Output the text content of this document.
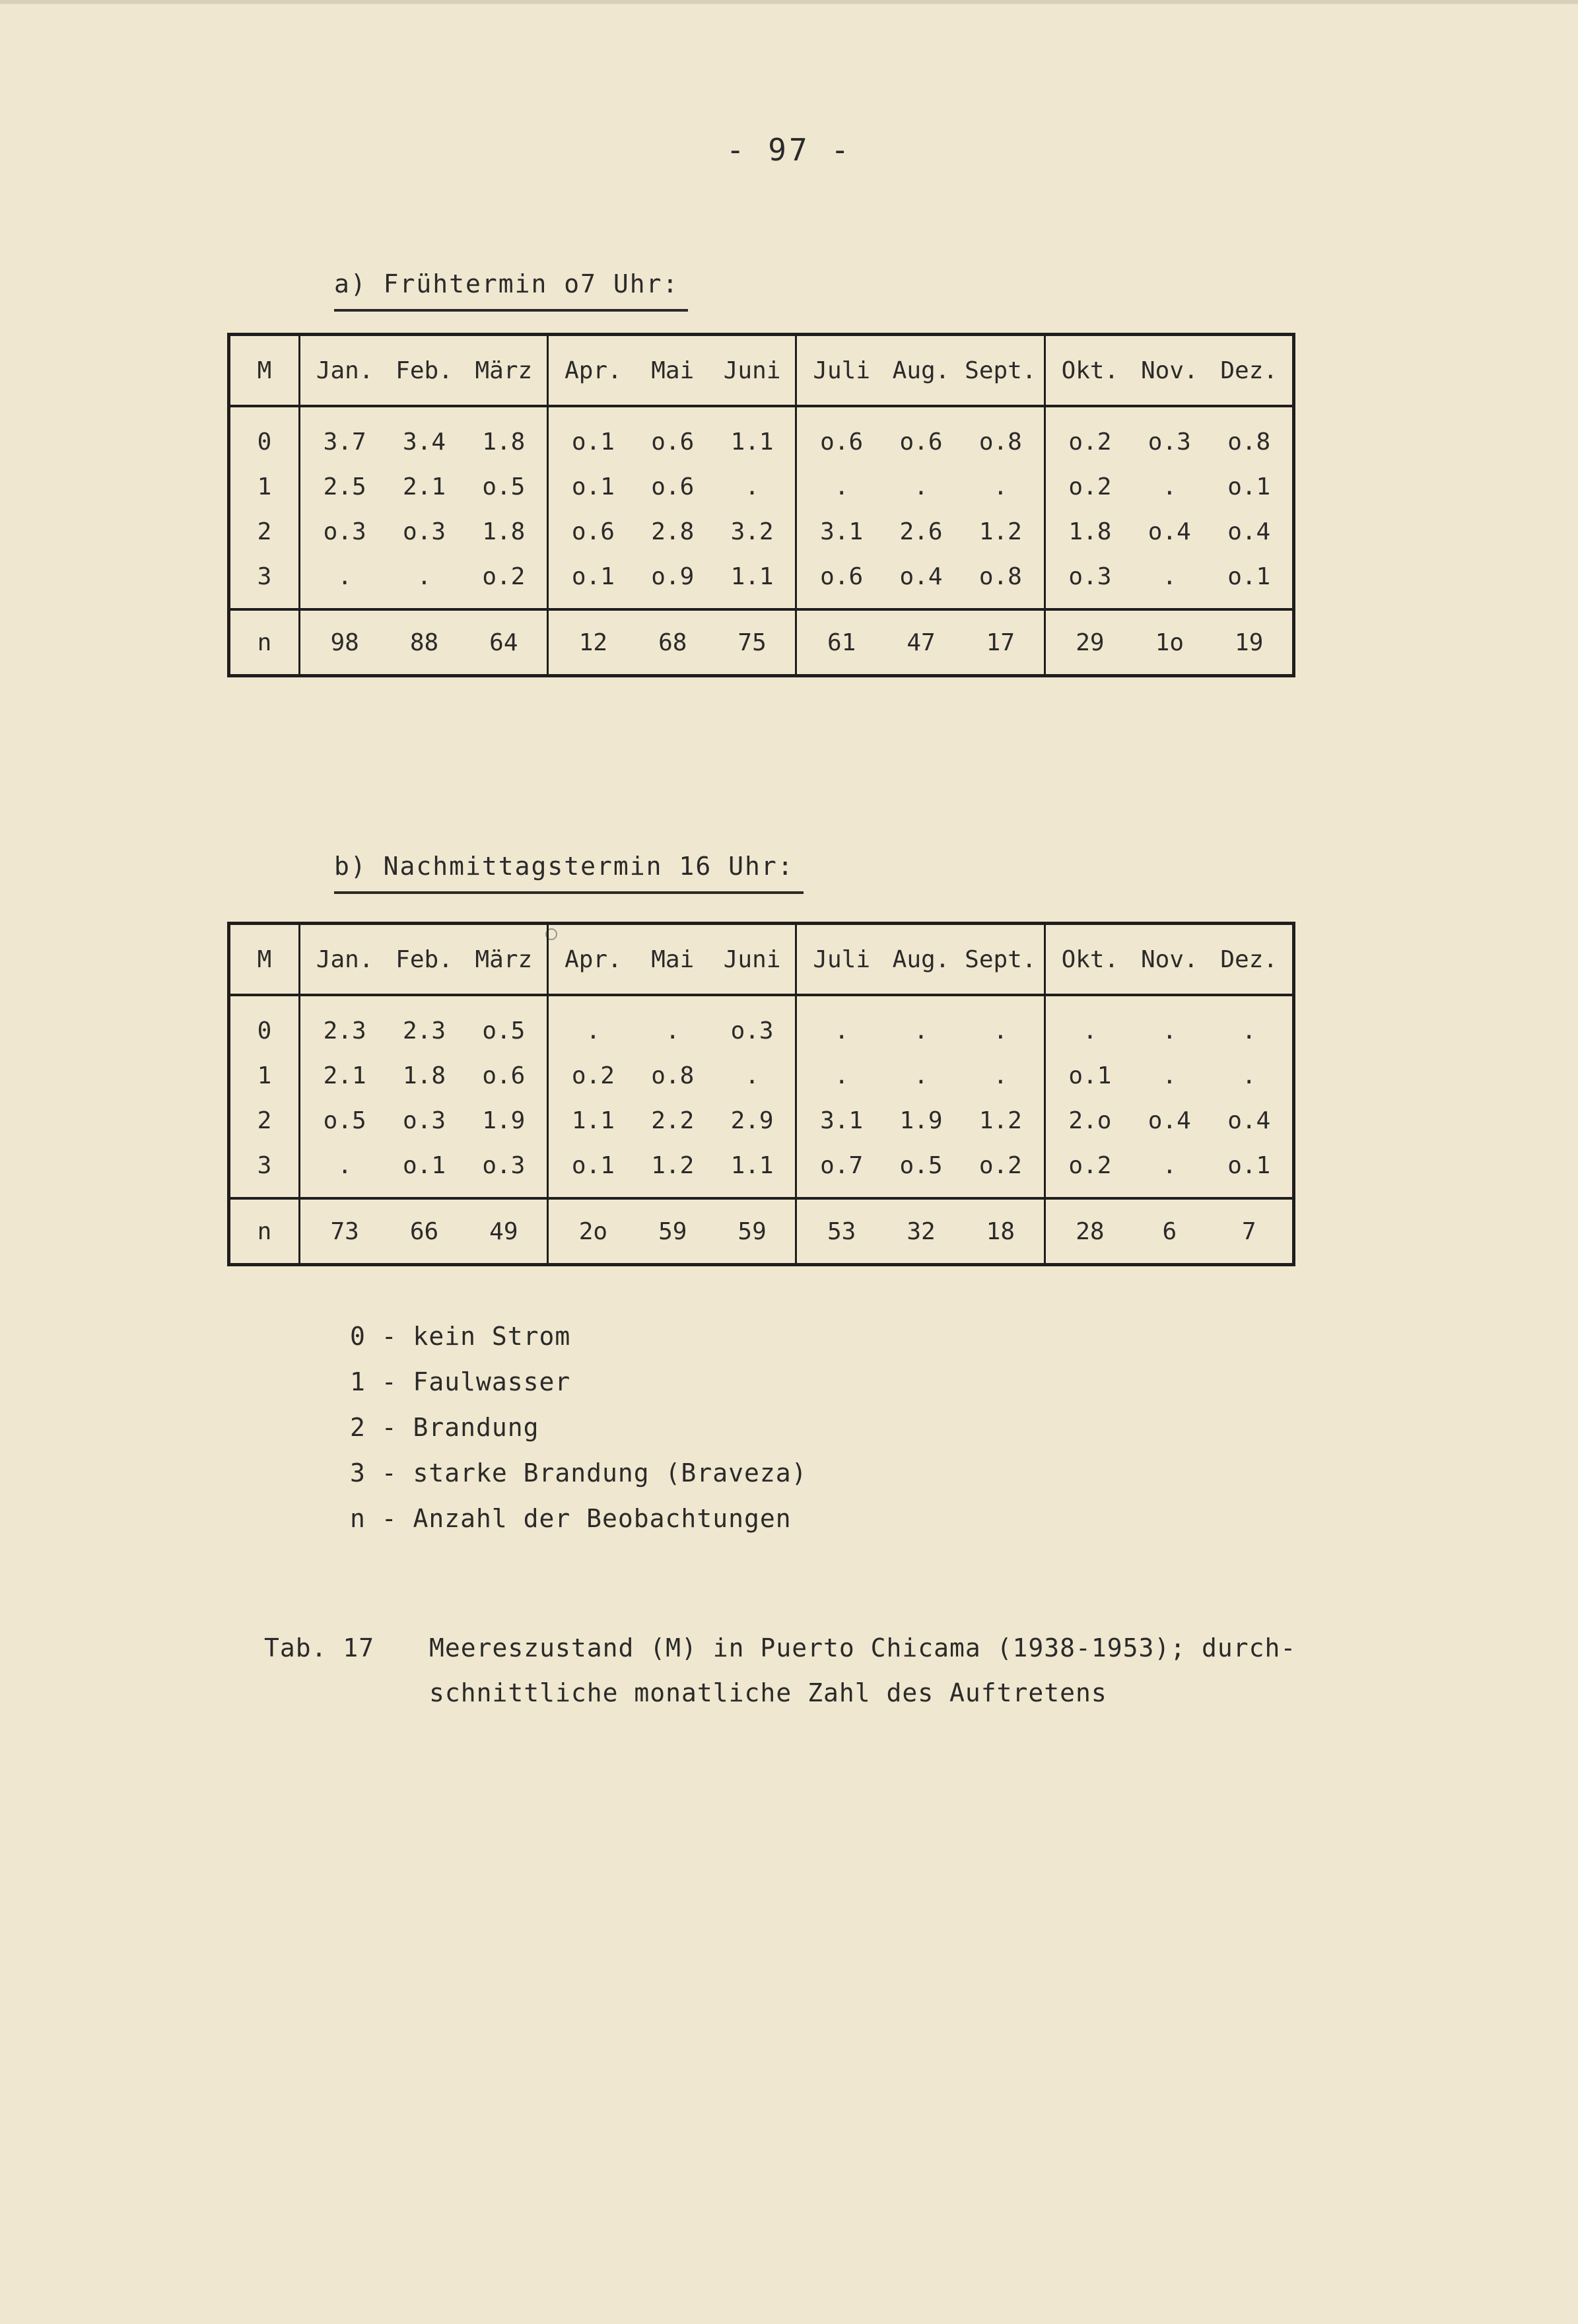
- 97 -
a) Frühtermin o7 Uhr:
M	Jan. Feb. März	Apr. Mai Juni	Juli Aug. Sept.	Okt. Nov. Dez.

0	3.7 3.4 1.8	o.1 o.6 1.1	o.6 o.6 o.8	o.2 o.3 o.8

1	2.5 2.1 o.5	o.1 o.6 .	. . .	o.2 . o.1

2	o.3 o.3 1.8	o.6 2.8 3.2	3.1 2.6 1.2	1.8 o.4 o.4

3	. . o.2	o.1 o.9 1.1	o.6 o.4 o.8	o.3 . o.1

n	98 88 64	12 68 75	61 47 17	29 1o 19
b) Nachmittagstermin 16 Uhr:
M	Jan. Feb. März	Apr. Mai Juni	Juli Aug. Sept.	Okt. Nov. Dez.

0	2.3 2.3 o.5	. . o.3	. . .	. . .

1	2.1 1.8 o.6	o.2 o.8 .	. . .	o.1 . .

2	o.5 o.3 1.9	1.1 2.2 2.9	3.1 1.9 1.2	2.o o.4 o.4

3	. o.1 o.3	o.1 1.2 1.1	o.7 o.5 o.2	o.2 . o.1

n	73 66 49	2o 59 59	53 32 18	28 6 7
0 - kein Strom
1 - Faulwasser
2 - Brandung
3 - starke Brandung (Braveza)
n - Anzahl der Beobachtungen
Tab. 17 Meereszustand (M) in Puerto Chicama (1938-1953); durch-
schnittliche monatliche Zahl des Auftretens
